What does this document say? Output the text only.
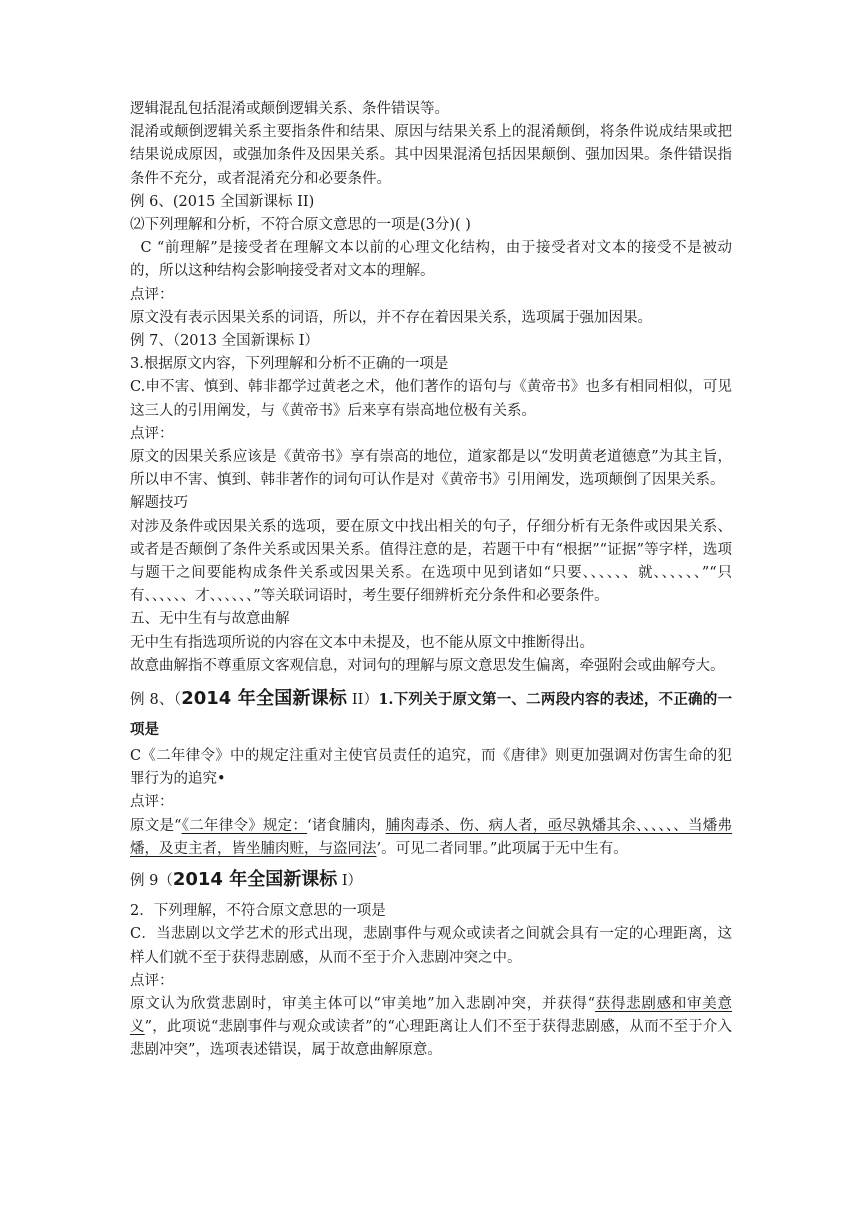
逻辑混乱包括混淆或颠倒逻辑关系、条件错误等。

混淆或颠倒逻辑关系主要指条件和结果、原因与结果关系上的混淆颠倒，将条件说成结果或把结果说成原因，或强加条件及因果关系。其中因果混淆包括因果颠倒、强加因果。条件错误指条件不充分，或者混淆充分和必要条件。

例 6、(2015 全国新课标 II)

⑵下列理解和分析，不符合原文意思的一项是(3分)( )

C “前理解”是接受者在理解文本以前的心理文化结构，由于接受者对文本的接受不是被动的，所以这种结构会影响接受者对文本的理解。

点评：

原文没有表示因果关系的词语，所以，并不存在着因果关系，选项属于强加因果。

例 7、（2013 全国新课标 I）

3.根据原文内容，下列理解和分析不正确的一项是

C.申不害、慎到、韩非都学过黄老之术，他们著作的语句与《黄帝书》也多有相同相似，可见这三人的引用阐发，与《黄帝书》后来享有崇高地位极有关系。

点评：

原文的因果关系应该是《黄帝书》享有崇高的地位，道家都是以“发明黄老道德意”为其主旨，所以申不害、慎到、韩非著作的词句可认作是对《黄帝书》引用阐发，选项颠倒了因果关系。

解题技巧

对涉及条件或因果关系的选项，要在原文中找出相关的句子，仔细分析有无条件或因果关系、或者是否颠倒了条件关系或因果关系。值得注意的是，若题干中有“根据”“证据”等字样，选项与题干之间要能构成条件关系或因果关系。在选项中见到诸如“只要、、、、、、就、、、、、、”“只有、、、、、、才、、、、、、”等关联词语时，考生要仔细辨析充分条件和必要条件。

五、无中生有与故意曲解

无中生有指选项所说的内容在文本中未提及，也不能从原文中推断得出。

故意曲解指不尊重原文客观信息，对词句的理解与原文意思发生偏离，牵强附会或曲解夸大。

例 8、（2014 年全国新课标 II）1.下列关于原文第一、二两段内容的表述，不正确的一项是

C《二年律令》中的规定注重对主使官员责任的追究，而《唐律》则更加强调对伤害生命的犯罪行为的追究•

点评：

原文是“《二年律令》规定：‘诸食脯肉，脯肉毒杀、伤、病人者，亟尽孰燔其余、、、、、、当燔弗燔，及吏主者，皆坐脯肉赃，与盗同法’。可见二者同罪。”此项属于无中生有。

例 9（2014 年全国新课标 I）

2．下列理解，不符合原文意思的一项是

C．当悲剧以文学艺术的形式出现，悲剧事件与观众或读者之间就会具有一定的心理距离，这样人们就不至于获得悲剧感，从而不至于介入悲剧冲突之中。

点评：

原文认为欣赏悲剧时，审美主体可以“审美地”加入悲剧冲突，并获得“获得悲剧感和审美意义”，此项说“悲剧事件与观众或读者”的“心理距离让人们不至于获得悲剧感，从而不至于介入悲剧冲突”，选项表述错误，属于故意曲解原意。
